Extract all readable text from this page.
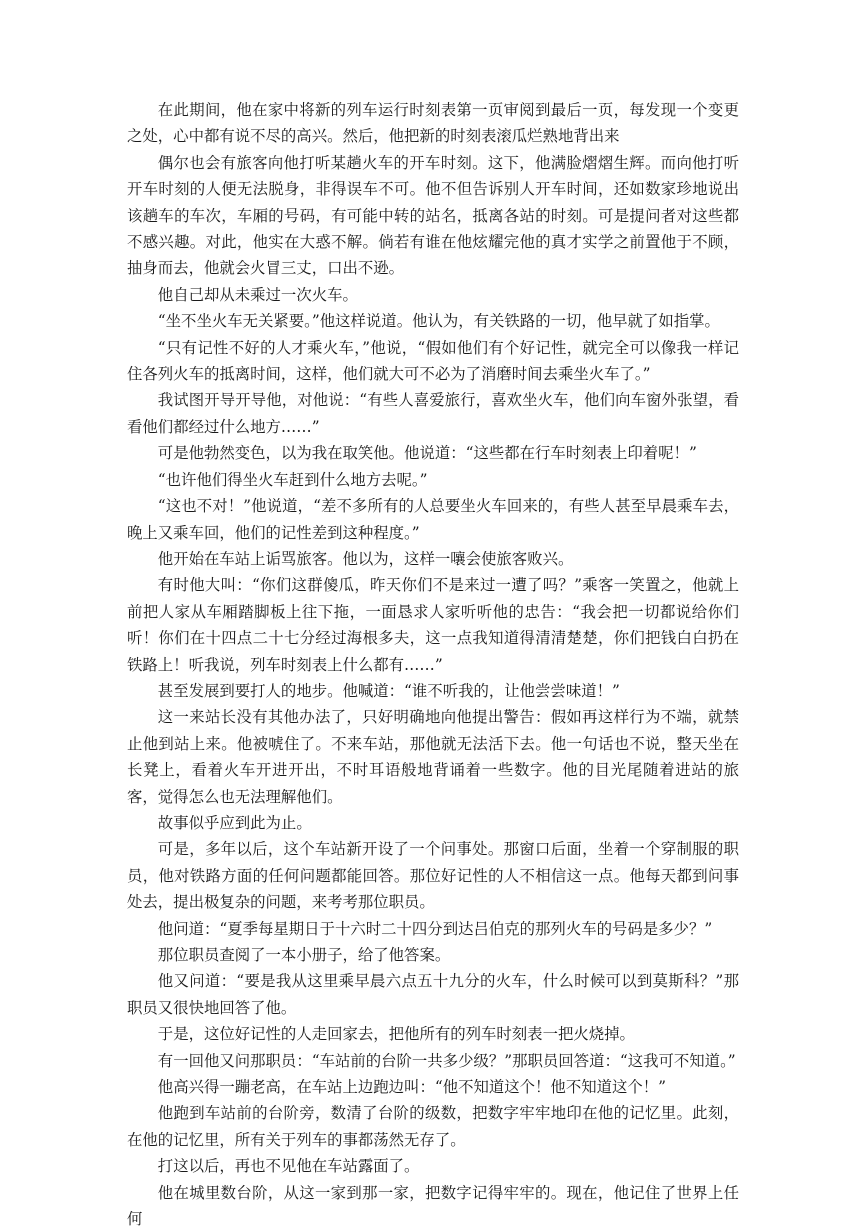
在此期间，他在家中将新的列车运行时刻表第一页审阅到最后一页，每发现一个变更之处，心中都有说不尽的高兴。然后，他把新的时刻表滚瓜烂熟地背出来

偶尔也会有旅客向他打听某趟火车的开车时刻。这下，他满脸熠熠生辉。而向他打听开车时刻的人便无法脱身，非得误车不可。他不但告诉别人开车时间，还如数家珍地说出该趟车的车次，车厢的号码，有可能中转的站名，抵离各站的时刻。可是提问者对这些都不感兴趣。对此，他实在大惑不解。倘若有谁在他炫耀完他的真才实学之前置他于不顾，抽身而去，他就会火冒三丈，口出不逊。

他自己却从未乘过一次火车。

“坐不坐火车无关紧要。”他这样说道。他认为，有关铁路的一切，他早就了如指掌。

“只有记性不好的人才乘火车，”他说，“假如他们有个好记性，就完全可以像我一样记住各列火车的抵离时间，这样，他们就大可不必为了消磨时间去乘坐火车了。”

我试图开导开导他，对他说：“有些人喜爱旅行，喜欢坐火车，他们向车窗外张望，看看他们都经过什么地方……”

可是他勃然变色，以为我在取笑他。他说道：“这些都在行车时刻表上印着呢！”

“也许他们得坐火车赶到什么地方去呢。”

“这也不对！”他说道，“差不多所有的人总要坐火车回来的，有些人甚至早晨乘车去，晚上又乘车回，他们的记性差到这种程度。”

他开始在车站上诟骂旅客。他以为，这样一嚷会使旅客败兴。

有时他大叫：“你们这群傻瓜，昨天你们不是来过一遭了吗？”乘客一笑置之，他就上前把人家从车厢踏脚板上往下拖，一面恳求人家听听他的忠告：“我会把一切都说给你们听！你们在十四点二十七分经过海根多夫，这一点我知道得清清楚楚，你们把钱白白扔在铁路上！听我说，列车时刻表上什么都有……”

甚至发展到要打人的地步。他喊道：“谁不听我的，让他尝尝味道！”

这一来站长没有其他办法了，只好明确地向他提出警告：假如再这样行为不端，就禁止他到站上来。他被唬住了。不来车站，那他就无法活下去。他一句话也不说，整天坐在长凳上，看着火车开进开出，不时耳语般地背诵着一些数字。他的目光尾随着进站的旅客，觉得怎么也无法理解他们。

故事似乎应到此为止。

可是，多年以后，这个车站新开设了一个问事处。那窗口后面，坐着一个穿制服的职员，他对铁路方面的任何问题都能回答。那位好记性的人不相信这一点。他每天都到问事处去，提出极复杂的问题，来考考那位职员。

他问道：“夏季每星期日于十六时二十四分到达吕伯克的那列火车的号码是多少？”

那位职员查阅了一本小册子，给了他答案。

他又问道：“要是我从这里乘早晨六点五十九分的火车，什么时候可以到莫斯科？”那职员又很快地回答了他。

于是，这位好记性的人走回家去，把他所有的列车时刻表一把火烧掉。

有一回他又问那职员：“车站前的台阶一共多少级？”那职员回答道：“这我可不知道。”

他高兴得一蹦老高，在车站上边跑边叫：“他不知道这个！他不知道这个！”

他跑到车站前的台阶旁，数清了台阶的级数，把数字牢牢地印在他的记忆里。此刻，在他的记忆里，所有关于列车的事都荡然无存了。

打这以后，再也不见他在车站露面了。

他在城里数台阶，从这一家到那一家，把数字记得牢牢的。现在，他记住了世界上任何
